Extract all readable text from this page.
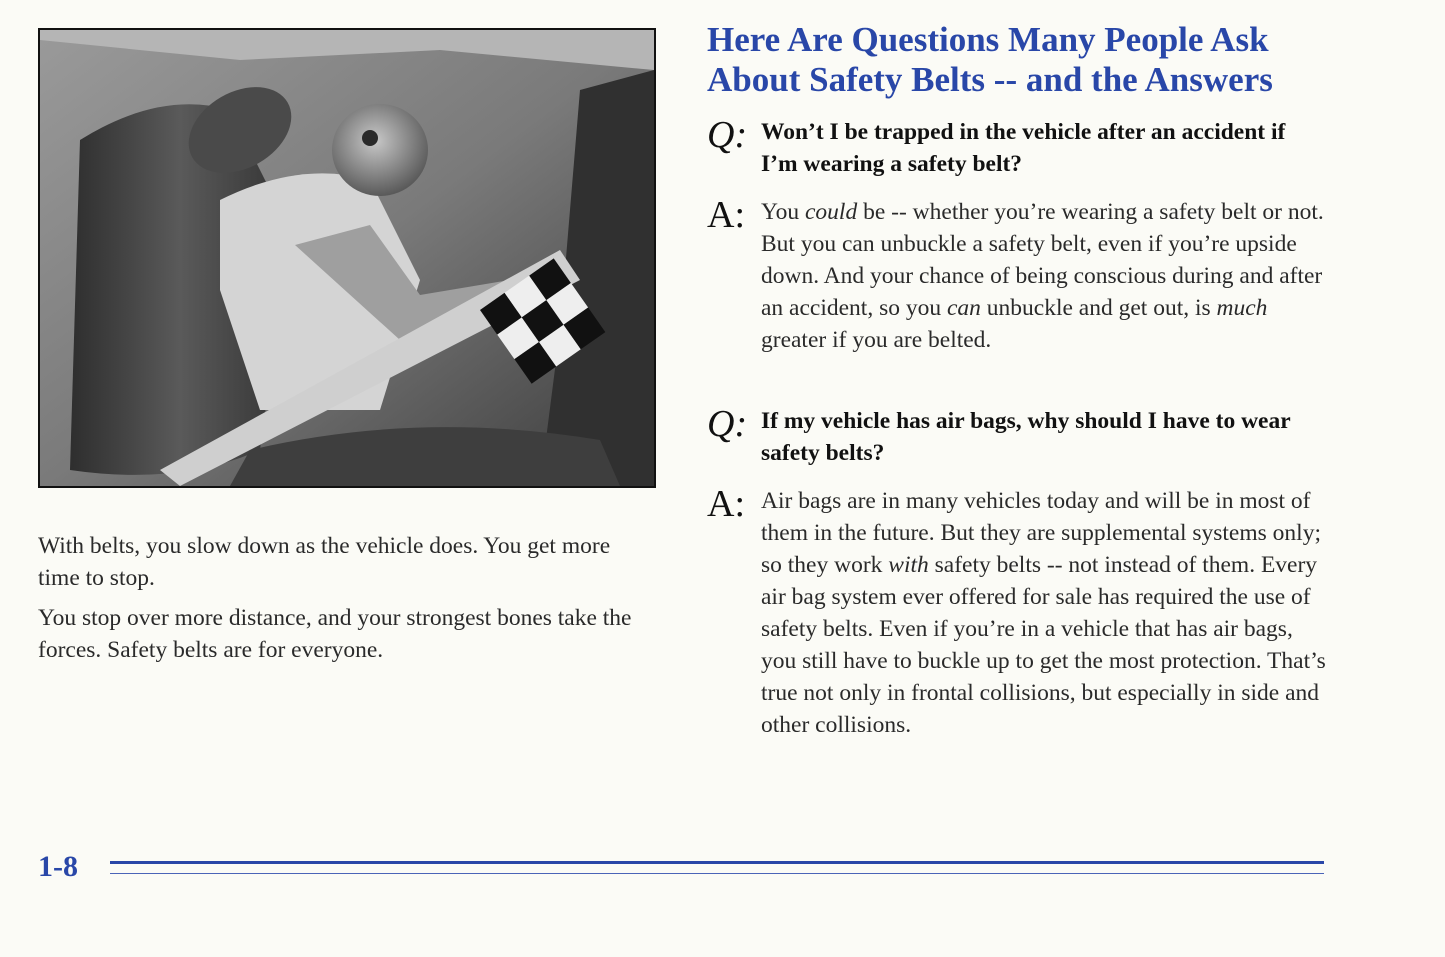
With belts, you slow down as the vehicle does. You get more time to stop.

You stop over more distance, and your strongest bones take the forces. Safety belts are for everyone.

Here Are Questions Many People Ask
About Safety Belts -- and the Answers
Q: Won’t I be trapped in the vehicle after an accident if I’m wearing a safety belt?
A: You could be -- whether you’re wearing a safety belt or not. But you can unbuckle a safety belt, even if you’re upside down. And your chance of being conscious during and after an accident, so you can unbuckle and get out, is much greater if you are belted.
Q: If my vehicle has air bags, why should I have to wear safety belts?
A: Air bags are in many vehicles today and will be in most of them in the future. But they are supplemental systems only; so they work with safety belts -- not instead of them. Every air bag system ever offered for sale has required the use of safety belts. Even if you’re in a vehicle that has air bags, you still have to buckle up to get the most protection. That’s true not only in frontal collisions, but especially in side and other collisions.
1-8
